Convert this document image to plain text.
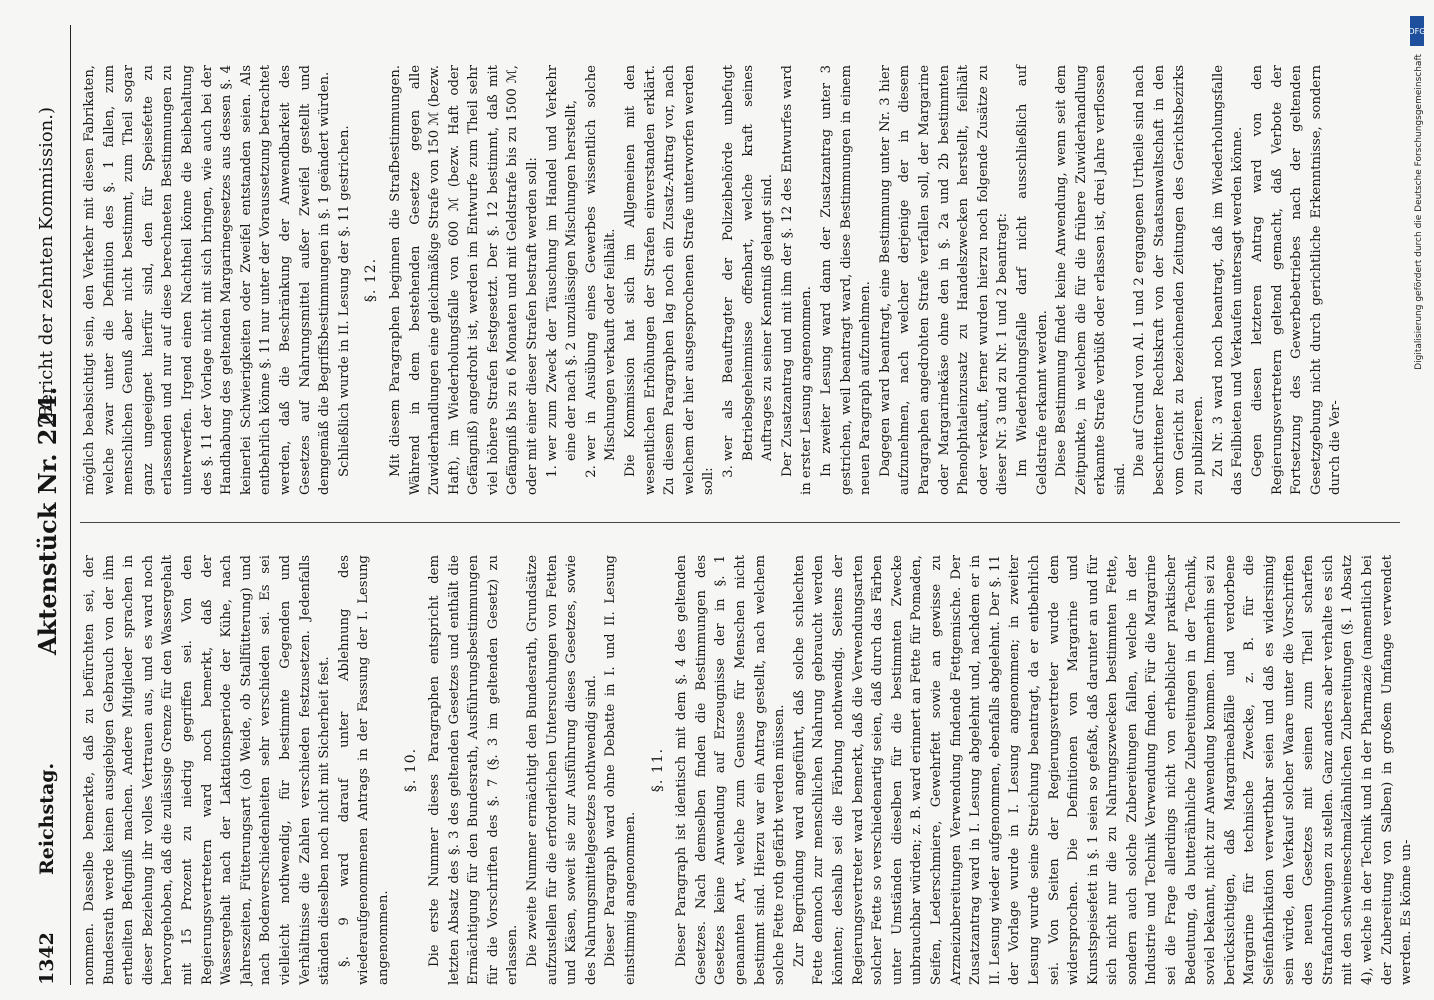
1342
Reichstag.
Aktenstück Nr. 224.
(Bericht der zehnten Kommission.)

nommen. Dasselbe bemerkte, daß zu befürchten sei, der Bundesrath werde keinen ausgiebigen Gebrauch von der ihm ertheilten Befugniß machen. Andere Mitglieder sprachen in dieser Beziehung ihr volles Vertrauen aus, und es ward noch hervorgehoben, daß die zulässige Grenze für den Wassergehalt mit 15 Prozent zu niedrig gegriffen sei. Von den Regierungsvertretern ward noch bemerkt, daß der Wassergehalt nach der Laktationsperiode der Kühe, nach Jahreszeiten, Fütterungsart (ob Weide, ob Stallfütterung) und nach Bodenverschiedenheiten sehr verschieden sei. Es sei vielleicht nothwendig, für bestimmte Gegenden und Verhältnisse die Zahlen verschieden festzusetzen. Jedenfalls ständen dieselben noch nicht mit Sicherheit fest. §. 9 ward darauf unter Ablehnung des wiederaufgenommenen Antrags in der Fassung der I. Lesung angenommen.

§. 10. Die erste Nummer dieses Paragraphen entspricht dem letzten Absatz des §. 3 des geltenden Gesetzes und enthält die Ermächtigung für den Bundesrath, Ausführungsbestimmungen für die Vorschriften des §. 7 (§. 3 im geltenden Gesetz) zu erlassen. Die zweite Nummer ermächtigt den Bundesrath, Grundsätze aufzustellen für die erforderlichen Untersuchungen von Fetten und Käsen, soweit sie zur Ausführung dieses Gesetzes, sowie des Nahrungsmittelgesetzes nothwendig sind. Dieser Paragraph ward ohne Debatte in I. und II. Lesung einstimmig angenommen.

§. 11. Dieser Paragraph ist identisch mit dem §. 4 des geltenden Gesetzes. Nach demselben finden die Bestimmungen des Gesetzes keine Anwendung auf Erzeugnisse der in §. 1 genannten Art, welche zum Genusse für Menschen nicht bestimmt sind. Hierzu war ein Antrag gestellt, nach welchem solche Fette roth gefärbt werden müssen. Zur Begründung ward angeführt, daß solche schlechten Fette dennoch zur menschlichen Nahrung gebraucht werden könnten; deshalb sei die Färbung nothwendig. Seitens der Regierungsvertreter ward bemerkt, daß die Verwendungsarten solcher Fette so verschiedenartig seien, daß durch das Färben unter Umständen dieselben für die bestimmten Zwecke unbrauchbar würden; z. B. ward erinnert an Fette für Pomaden, Seifen, Lederschmiere, Gewehrfett sowie an gewisse zu Arzneizubereitungen Verwendung findende Fettgemische. Der Zusatzantrag ward in I. Lesung abgelehnt und, nachdem er in II. Lesung wieder aufgenommen, ebenfalls abgelehnt. Der §. 11 der Vorlage wurde in I. Lesung angenommen; in zweiter Lesung wurde seine Streichung beantragt, da er entbehrlich sei. Von Seiten der Regierungsvertreter wurde dem widersprochen. Die Definitionen von Margarine und Kunstspeisefett in §. 1 seien so gefaßt, daß darunter an und für sich nicht nur die zu Nahrungszwecken bestimmten Fette, sondern auch solche Zubereitungen fallen, welche in der Industrie und Technik Verwendung finden. Für die Margarine sei die Frage allerdings nicht von erheblicher praktischer Bedeutung, da butterähnliche Zubereitungen in der Technik, soviel bekannt, nicht zur Anwendung kommen. Immerhin sei zu berücksichtigen, daß Margarineabfälle und verdorbene Margarine für technische Zwecke, z. B. für die Seifenfabrikation verwerthbar seien und daß es widersinnig sein würde, den Verkauf solcher Waare unter die Vorschriften des neuen Gesetzes mit seinen zum Theil scharfen Strafandrohungen zu stellen. Ganz anders aber verhalte es sich mit den schweineschmalzähnlichen Zubereitungen (§. 1 Absatz 4), welche in der Technik und in der Pharmazie (namentlich bei der Zubereitung von Salben) in großem Umfange verwendet werden. Es könne un-

möglich beabsichtigt sein, den Verkehr mit diesen Fabrikaten, welche zwar unter die Definition des §. 1 fallen, zum menschlichen Genuß aber nicht bestimmt, zum Theil sogar ganz ungeeignet hierfür sind, den für Speisefette zu erlassenden und nur auf diese berechneten Bestimmungen zu unterwerfen. Irgend einen Nachtheil könne die Beibehaltung des §. 11 der Vorlage nicht mit sich bringen, wie auch bei der Handhabung des geltenden Margarinegesetzes aus dessen §. 4 keinerlei Schwierigkeiten oder Zweifel entstanden seien. Als entbehrlich könne §. 11 nur unter der Voraussetzung betrachtet werden, daß die Beschränkung der Anwendbarkeit des Gesetzes auf Nahrungsmittel außer Zweifel gestellt und demgemäß die Begriffsbestimmungen in §. 1 geändert würden. Schließlich wurde in II. Lesung der §. 11 gestrichen. §. 12. Mit diesem Paragraphen beginnen die Strafbestimmungen. Während in dem bestehenden Gesetze gegen alle Zuwiderhandlungen eine gleichmäßige Strafe von 150 ℳ (bezw. Haft), im Wiederholungsfalle von 600 ℳ (bezw. Haft oder Gefängniß) angedroht ist, werden im Entwurfe zum Theil sehr viel höhere Strafen festgesetzt. Der §. 12 bestimmt, daß mit Gefängniß bis zu 6 Monaten und mit Geldstrafe bis zu 1500 ℳ, oder mit einer dieser Strafen bestraft werden soll: 1. wer zum Zweck der Täuschung im Handel und Verkehr eine der nach §. 2 unzulässigen Mischungen herstellt, 2. wer in Ausübung eines Gewerbes wissentlich solche Mischungen verkauft oder feilhält. Die Kommission hat sich im Allgemeinen mit den wesentlichen Erhöhungen der Strafen einverstanden erklärt. Zu diesem Paragraphen lag noch ein Zusatz-Antrag vor, nach welchem der hier ausgesprochenen Strafe unterworfen werden soll:

3. wer als Beauftragter der Polizeibehörde unbefugt Betriebsgeheimnisse offenbart, welche kraft seines Auftrages zu seiner Kenntniß gelangt sind. Der Zusatzantrag und mit ihm der §. 12 des Entwurfes ward in erster Lesung angenommen. In zweiter Lesung ward dann der Zusatzantrag unter 3 gestrichen, weil beantragt ward, diese Bestimmungen in einem neuen Paragraph aufzunehmen. Dagegen ward beantragt, eine Bestimmung unter Nr. 3 hier aufzunehmen, nach welcher derjenige der in diesem Paragraphen angedrohten Strafe verfallen soll, der Margarine oder Margarinekäse ohne den in §. 2a und 2b bestimmten Phenolphtaleinzusatz zu Handelszwecken herstellt, feilhält oder verkauft, ferner wurden hierzu noch folgende Zusätze zu dieser Nr. 3 und zu Nr. 1 und 2 beantragt: Im Wiederholungsfalle darf nicht ausschließlich auf Geldstrafe erkannt werden. Diese Bestimmung findet keine Anwendung, wenn seit dem Zeitpunkte, in welchem die für die frühere Zuwiderhandlung erkannte Strafe verbüßt oder erlassen ist, drei Jahre verflossen sind.

Die auf Grund von Al. 1 und 2 ergangenen Urtheile sind nach beschrittener Rechtskraft von der Staatsanwaltschaft in den vom Gericht zu bezeichnenden Zeitungen des Gerichtsbezirks zu publizieren. Zu Nr. 3 ward noch beantragt, daß im Wiederholungsfalle das Feilbieten und Verkaufen untersagt werden könne. Gegen diesen letzteren Antrag ward von den Regierungsvertretern geltend gemacht, daß Verbote der Fortsetzung des Gewerbebetriebes nach der geltenden Gesetzgebung nicht durch gerichtliche Erkenntnisse, sondern durch die Ver-

DFG
Digitalisierung gefördert durch die Deutsche Forschungsgemeinschaft
